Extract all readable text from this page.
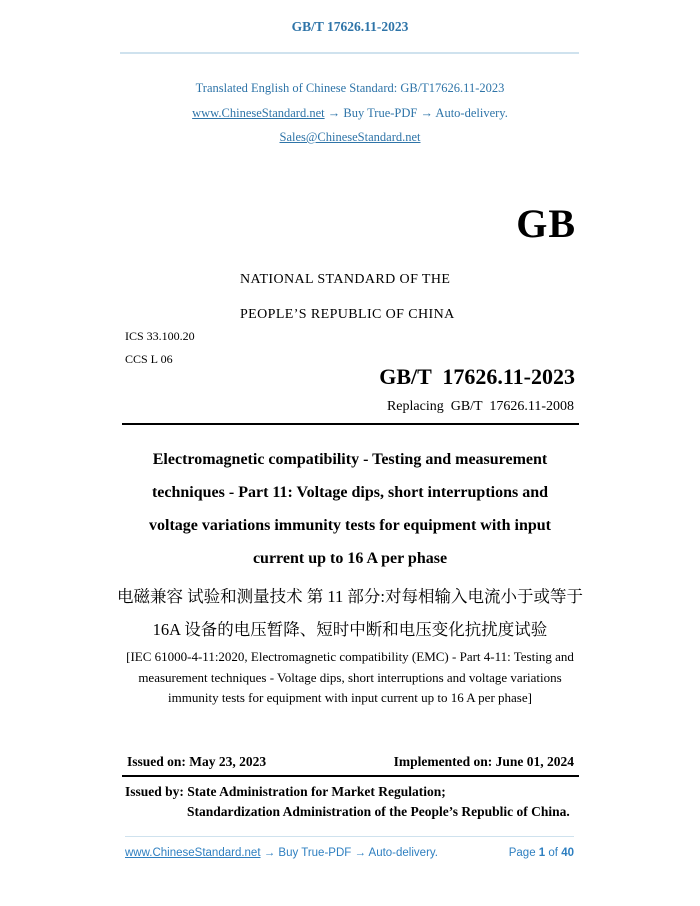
GB/T 17626.11-2023
Translated English of Chinese Standard: GB/T17626.11-2023
www.ChineseStandard.net → Buy True-PDF → Auto-delivery.
Sales@ChineseStandard.net
GB
NATIONAL STANDARD OF THE
PEOPLE’S REPUBLIC OF CHINA
ICS 33.100.20
CCS L 06
GB/T  17626.11-2023
Replacing  GB/T  17626.11-2008
Electromagnetic compatibility - Testing and measurement
techniques - Part 11: Voltage dips, short interruptions and
voltage variations immunity tests for equipment with input
current up to 16 A per phase
电磁兼容 试验和测量技术 第 11 部分:对每相输入电流小于或等于
16A 设备的电压暂降、短时中断和电压变化抗扰度试验
[IEC 61000-4-11:2020, Electromagnetic compatibility (EMC) - Part 4-11: Testing and
measurement techniques - Voltage dips, short interruptions and voltage variations
immunity tests for equipment with input current up to 16 A per phase]
Issued on: May 23, 2023	Implemented on: June 01, 2024
Issued by: State Administration for Market Regulation;
Standardization Administration of the People’s Republic of China.
www.ChineseStandard.net → Buy True-PDF → Auto-delivery.	Page 1 of 40
